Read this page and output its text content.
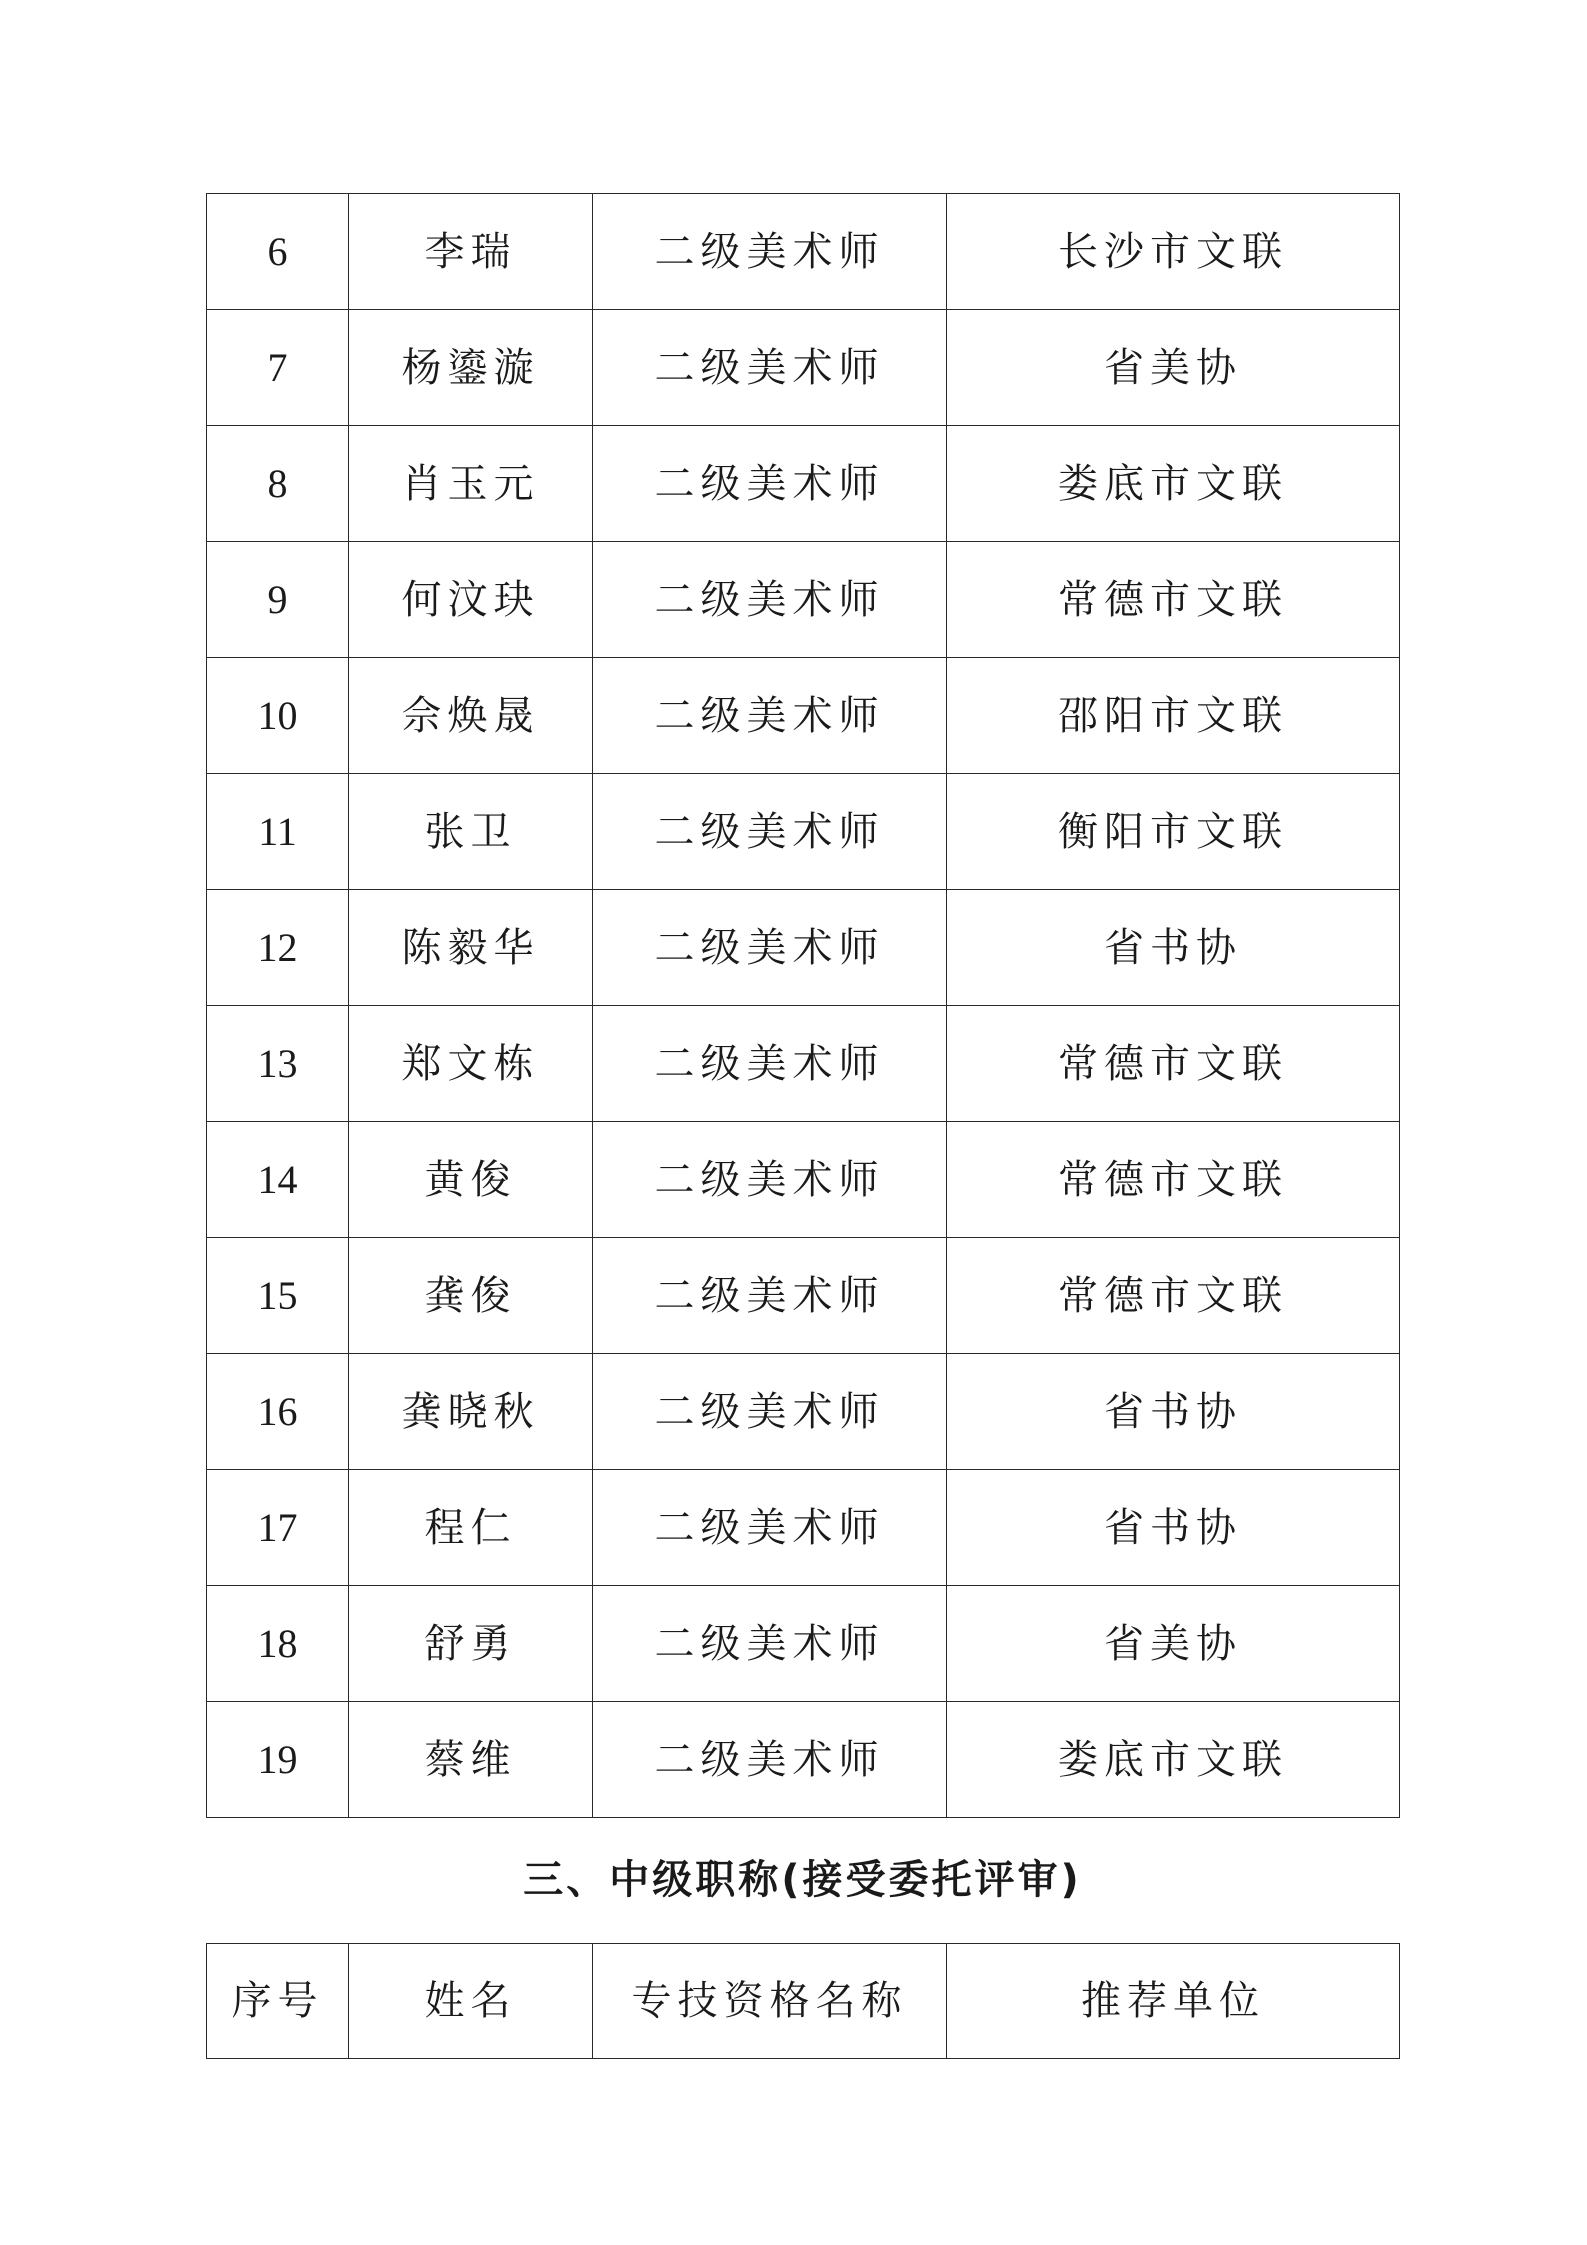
6	李瑞	二级美术师	长沙市文联
7	杨鎏漩	二级美术师	省美协
8	肖玉元	二级美术师	娄底市文联
9	何汶玦	二级美术师	常德市文联
10	佘焕晟	二级美术师	邵阳市文联
11	张卫	二级美术师	衡阳市文联
12	陈毅华	二级美术师	省书协
13	郑文栋	二级美术师	常德市文联
14	黄俊	二级美术师	常德市文联
15	龚俊	二级美术师	常德市文联
16	龚晓秋	二级美术师	省书协
17	程仁	二级美术师	省书协
18	舒勇	二级美术师	省美协
19	蔡维	二级美术师	娄底市文联
三、中级职称(接受委托评审)
序号	姓名	专技资格名称	推荐单位
